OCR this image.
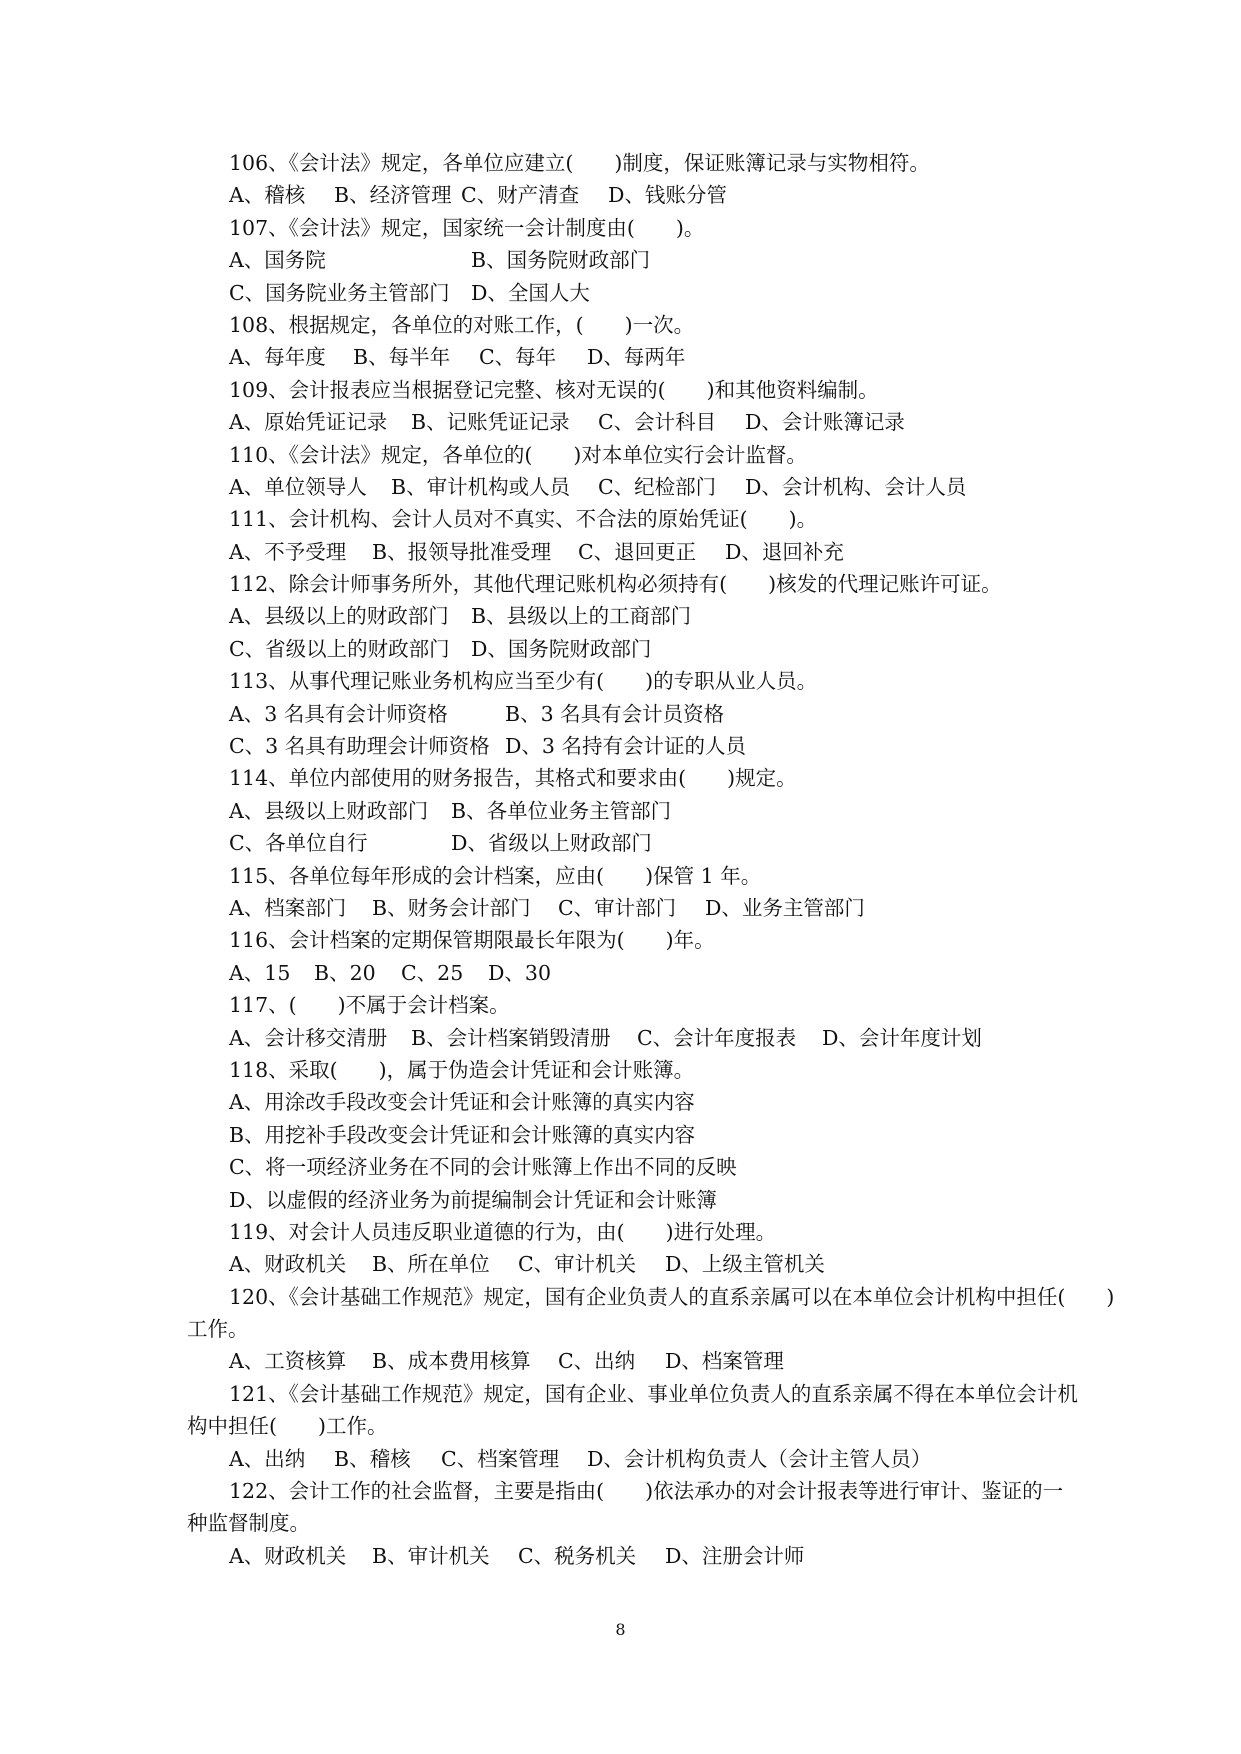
106、《会计法》规定，各单位应建立(　　)制度，保证账簿记录与实物相符。
A、稽核 B、经济管理 C、财产清查 D、钱账分管
107、《会计法》规定，国家统一会计制度由(　　)。
A、国务院	B、国务院财政部门
C、国务院业务主管部门 D、全国人大
108、根据规定，各单位的对账工作，(　　)一次。
A、每年度 B、每半年 C、每年 D、每两年
109、会计报表应当根据登记完整、核对无误的(　　)和其他资料编制。
A、原始凭证记录 B、记账凭证记录 C、会计科目 D、会计账簿记录
110、《会计法》规定，各单位的(　　)对本单位实行会计监督。
A、单位领导人 B、审计机构或人员 C、纪检部门 D、会计机构、会计人员
111、会计机构、会计人员对不真实、不合法的原始凭证(　　)。
A、不予受理 B、报领导批准受理 C、退回更正 D、退回补充
112、除会计师事务所外，其他代理记账机构必须持有(　　)核发的代理记账许可证。
A、县级以上的财政部门 B、县级以上的工商部门
C、省级以上的财政部门 D、国务院财政部门
113、从事代理记账业务机构应当至少有(　　)的专职从业人员。
A、3 名具有会计师资格	B、3 名具有会计员资格
C、3 名具有助理会计师资格 D、3 名持有会计证的人员
114、单位内部使用的财务报告，其格式和要求由(　　)规定。
A、县级以上财政部门 B、各单位业务主管部门
C、各单位自行	D、省级以上财政部门
115、各单位每年形成的会计档案，应由(　　)保管 1 年。
A、档案部门 B、财务会计部门 C、审计部门 D、业务主管部门
116、会计档案的定期保管期限最长年限为(　　)年。
A、15 B、20 C、25 D、30
117、(　　)不属于会计档案。
A、会计移交清册 B、会计档案销毁清册 C、会计年度报表 D、会计年度计划
118、采取(　　)，属于伪造会计凭证和会计账簿。
A、用涂改手段改变会计凭证和会计账簿的真实内容
B、用挖补手段改变会计凭证和会计账簿的真实内容
C、将一项经济业务在不同的会计账簿上作出不同的反映
D、以虚假的经济业务为前提编制会计凭证和会计账簿
119、对会计人员违反职业道德的行为，由(　　)进行处理。
A、财政机关 B、所在单位 C、审计机关 D、上级主管机关
120、《会计基础工作规范》规定，国有企业负责人的直系亲属可以在本单位会计机构中担任(　　)
工作。
A、工资核算 B、成本费用核算 C、出纳 D、档案管理
121、《会计基础工作规范》规定，国有企业、事业单位负责人的直系亲属不得在本单位会计机
构中担任(　　)工作。
A、出纳 B、稽核 C、档案管理 D、会计机构负责人（会计主管人员）
122、会计工作的社会监督，主要是指由(　　)依法承办的对会计报表等进行审计、鉴证的一
种监督制度。
A、财政机关 B、审计机关 C、税务机关 D、注册会计师
8
